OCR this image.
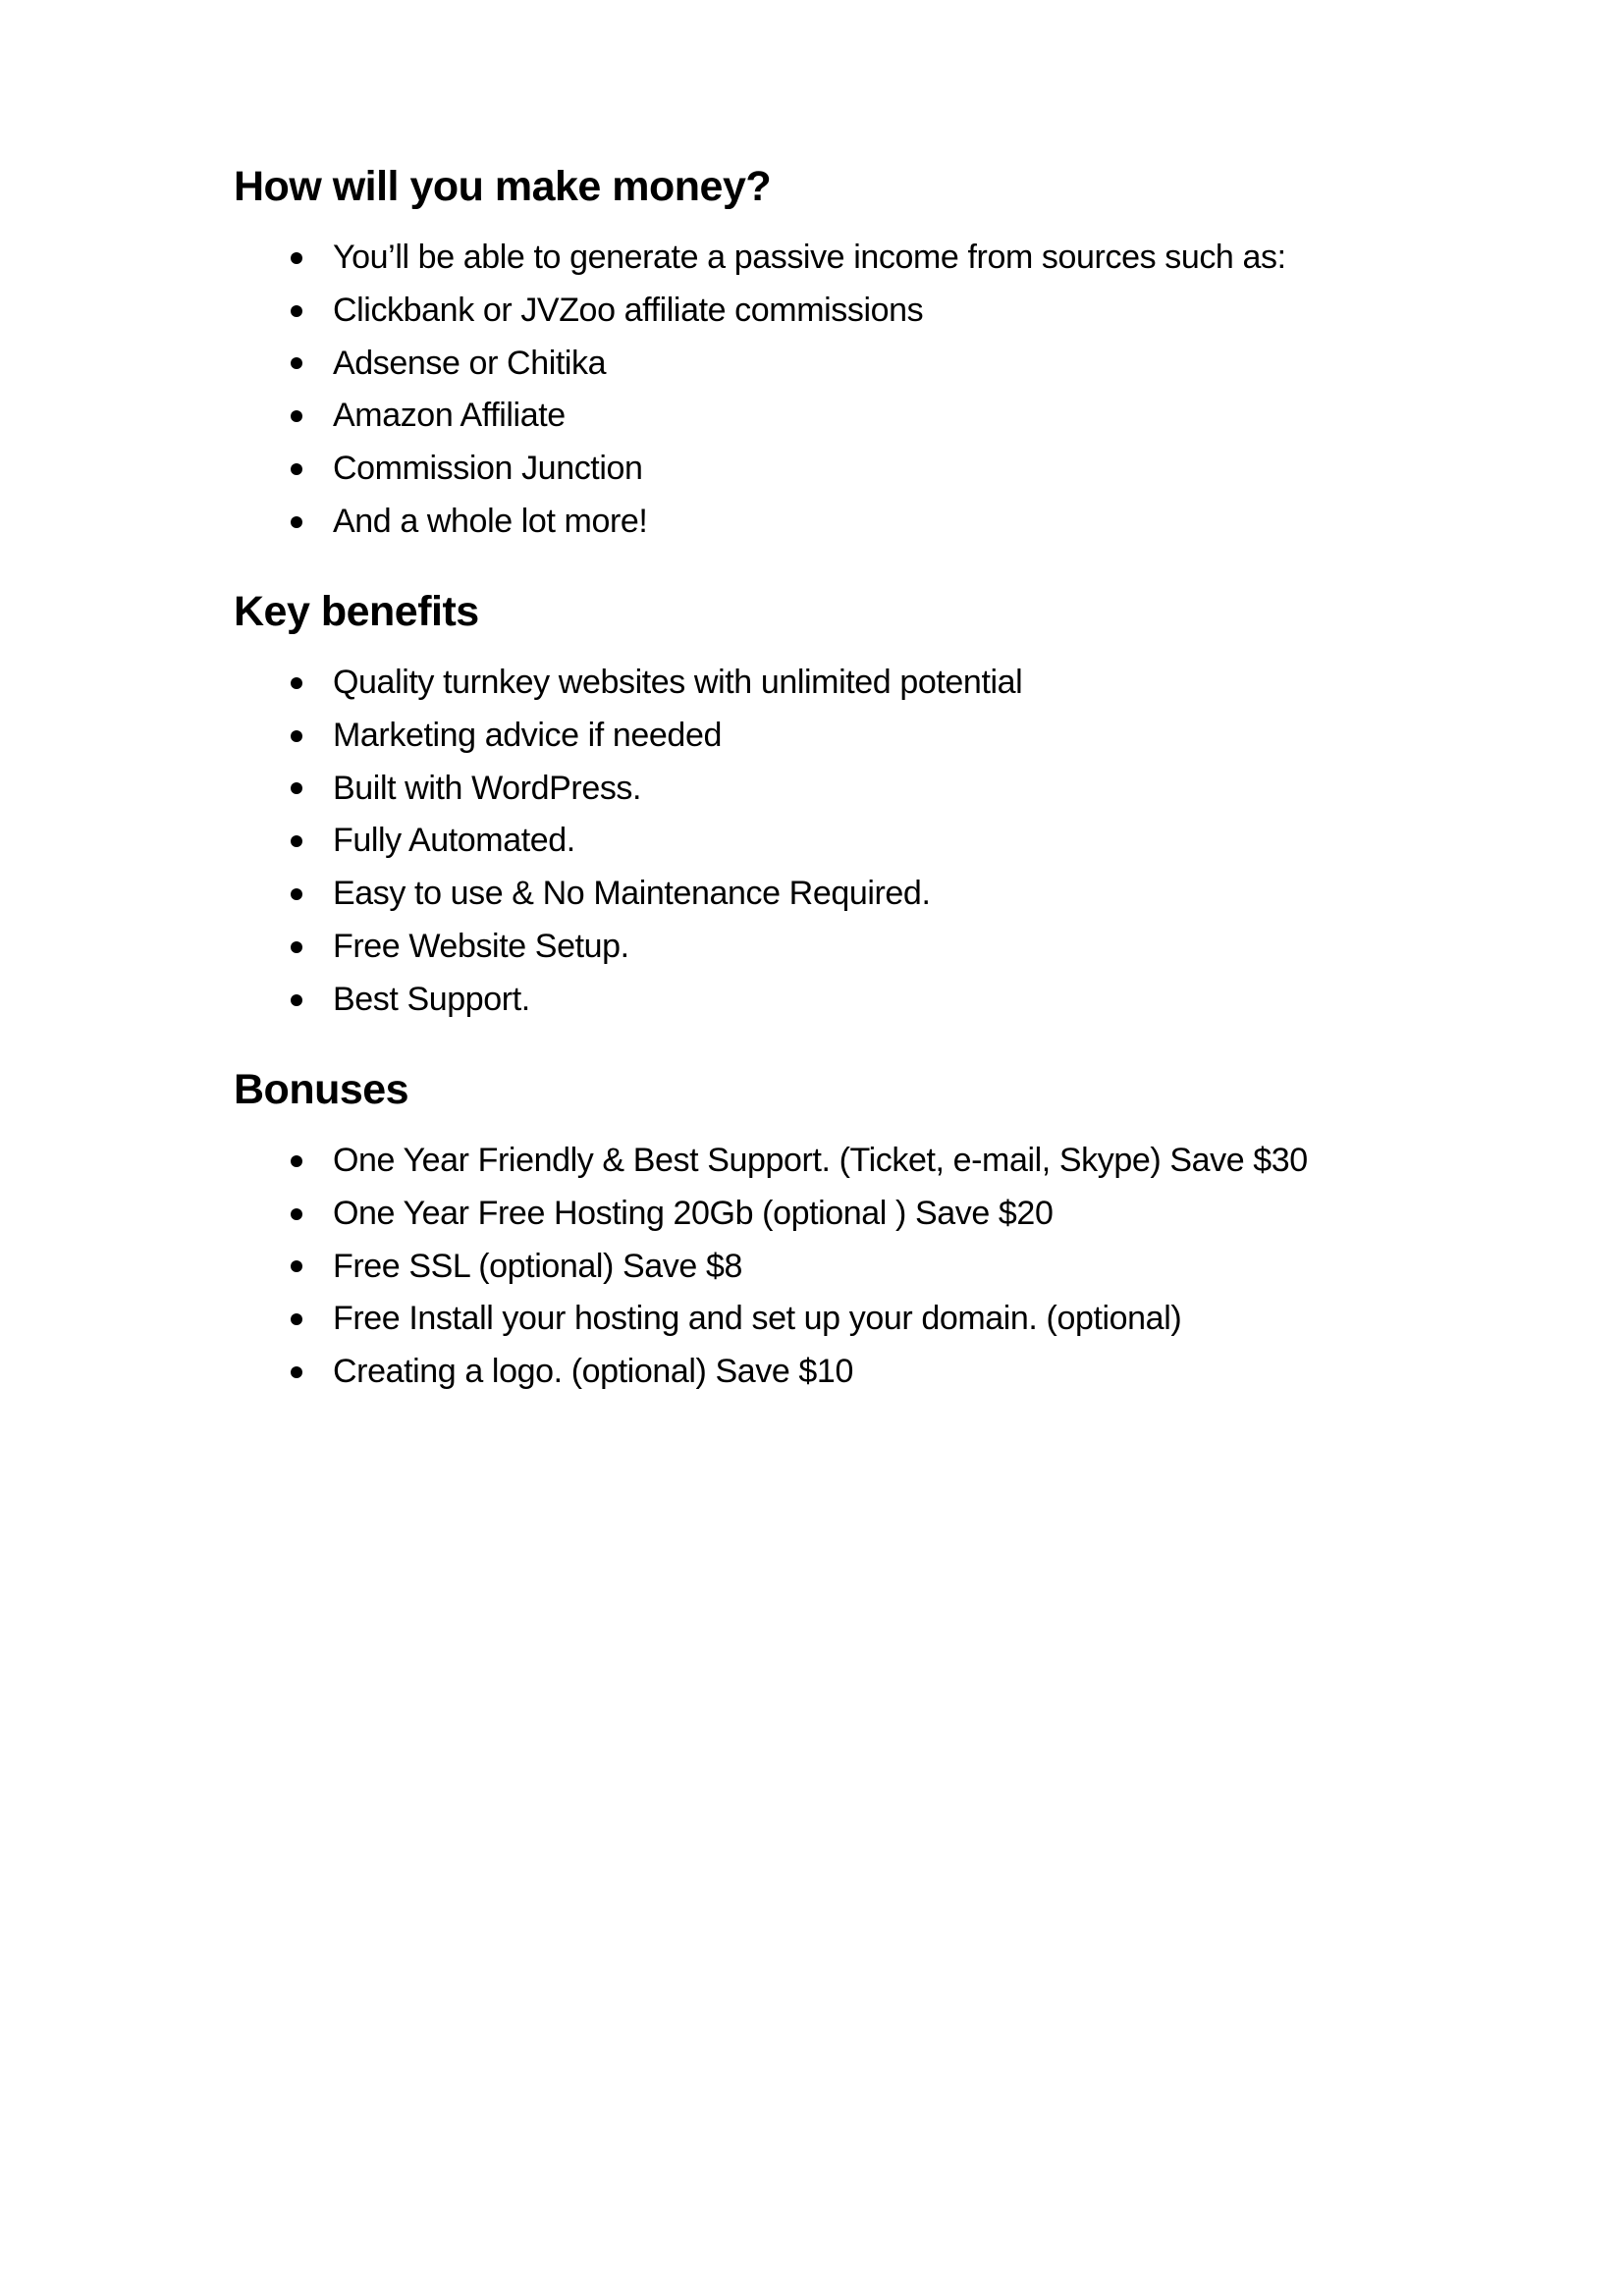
How will you make money?
You’ll be able to generate a passive income from sources such as:
Clickbank or JVZoo affiliate commissions
Adsense or Chitika
Amazon Affiliate
Commission Junction
And a whole lot more!
Key benefits
Quality turnkey websites with unlimited potential
Marketing advice if needed
Built with WordPress.
Fully Automated.
Easy to use & No Maintenance Required.
Free Website Setup.
Best Support.
Bonuses
One Year Friendly & Best Support. (Ticket, e-mail, Skype) Save $30
One Year Free Hosting 20Gb (optional ) Save $20
Free SSL (optional) Save $8
Free Install your hosting and set up your domain. (optional)
Creating a logo. (optional) Save $10
